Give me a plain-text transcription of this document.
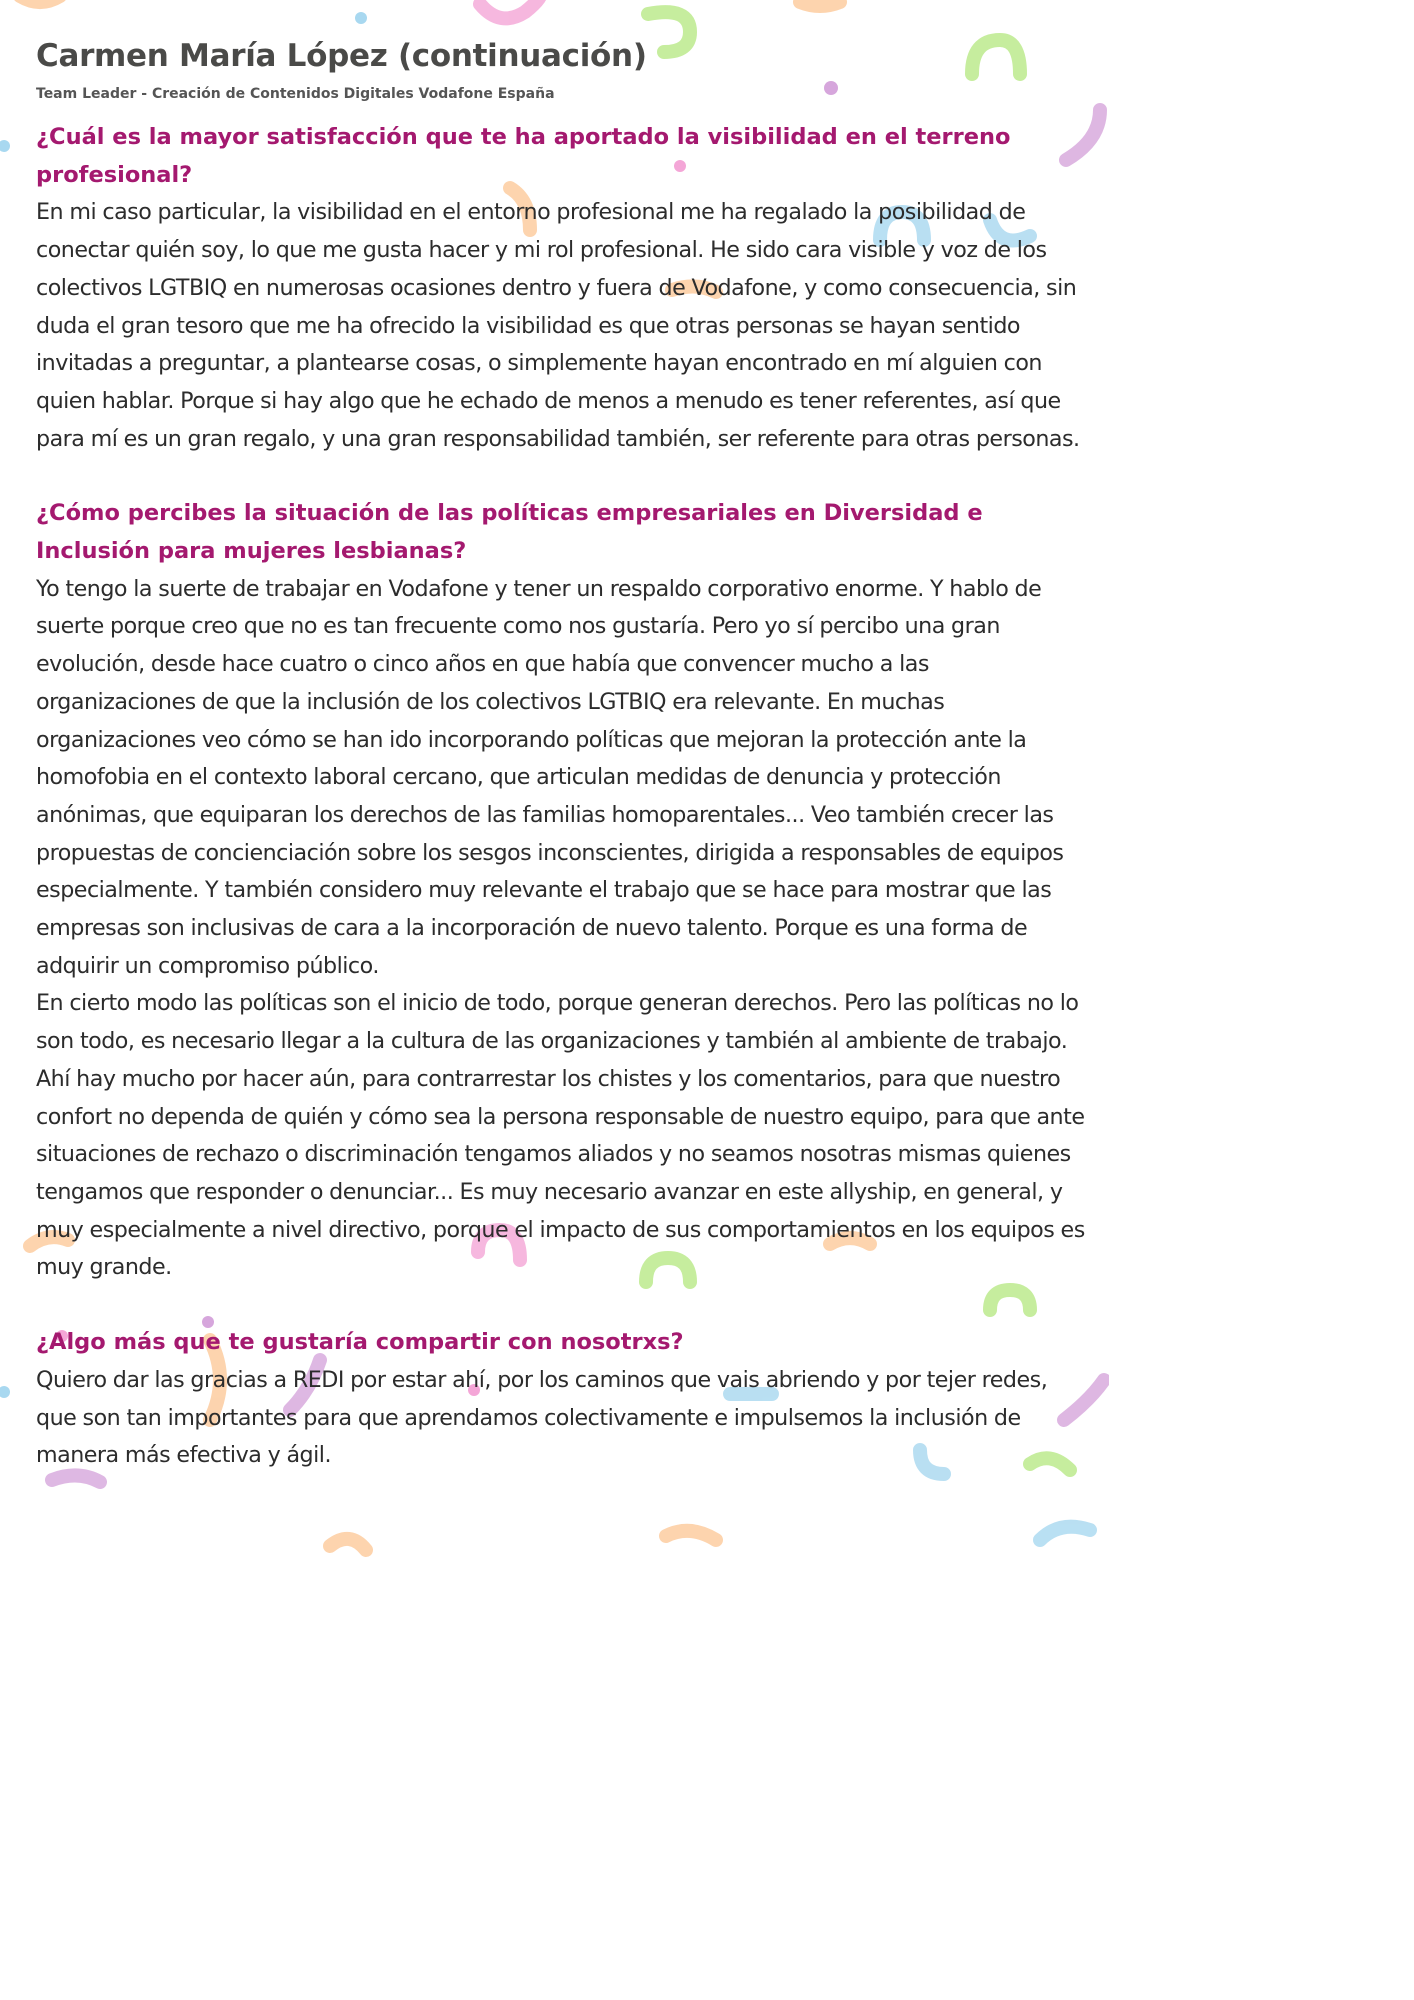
Carmen María López (continuación)
Team Leader - Creación de Contenidos Digitales Vodafone España
¿Cuál es la mayor satisfacción que te ha aportado la visibilidad en el terreno profesional?

En mi caso particular, la visibilidad en el entorno profesional me ha regalado la posibilidad de conectar quién soy, lo que me gusta hacer y mi rol profesional. He sido cara visible y voz de los colectivos LGTBIQ en numerosas ocasiones dentro y fuera de Vodafone, y como consecuencia, sin duda el gran tesoro que me ha ofrecido la visibilidad es que otras personas se hayan sentido invitadas a preguntar, a plantearse cosas, o simplemente hayan encontrado en mí alguien con quien hablar. Porque si hay algo que he echado de menos a menudo es tener referentes, así que para mí es un gran regalo, y una gran responsabilidad también, ser referente para otras personas.

¿Cómo percibes la situación de las políticas empresariales en Diversidad e Inclusión para mujeres lesbianas?

Yo tengo la suerte de trabajar en Vodafone y tener un respaldo corporativo enorme. Y hablo de suerte porque creo que no es tan frecuente como nos gustaría. Pero yo sí percibo una gran evolución, desde hace cuatro o cinco años en que había que convencer mucho a las organizaciones de que la inclusión de los colectivos LGTBIQ era relevante. En muchas organizaciones veo cómo se han ido incorporando políticas que mejoran la protección ante la homofobia en el contexto laboral cercano, que articulan medidas de denuncia y protección anónimas, que equiparan los derechos de las familias homoparentales... Veo también crecer las propuestas de concienciación sobre los sesgos inconscientes, dirigida a responsables de equipos especialmente. Y también considero muy relevante el trabajo que se hace para mostrar que las empresas son inclusivas de cara a la incorporación de nuevo talento. Porque es una forma de adquirir un compromiso público.

En cierto modo las políticas son el inicio de todo, porque generan derechos. Pero las políticas no lo son todo, es necesario llegar a la cultura de las organizaciones y también al ambiente de trabajo. Ahí hay mucho por hacer aún, para contrarrestar los chistes y los comentarios, para que nuestro confort no dependa de quién y cómo sea la persona responsable de nuestro equipo, para que ante situaciones de rechazo o discriminación tengamos aliados y no seamos nosotras mismas quienes tengamos que responder o denunciar... Es muy necesario avanzar en este allyship, en general, y muy especialmente a nivel directivo, porque el impacto de sus comportamientos en los equipos es muy grande.

¿Algo más que te gustaría compartir con nosotrxs?

Quiero dar las gracias a REDI por estar ahí, por los caminos que vais abriendo y por tejer redes, que son tan importantes para que aprendamos colectivamente e impulsemos la inclusión de manera más efectiva y ágil.
